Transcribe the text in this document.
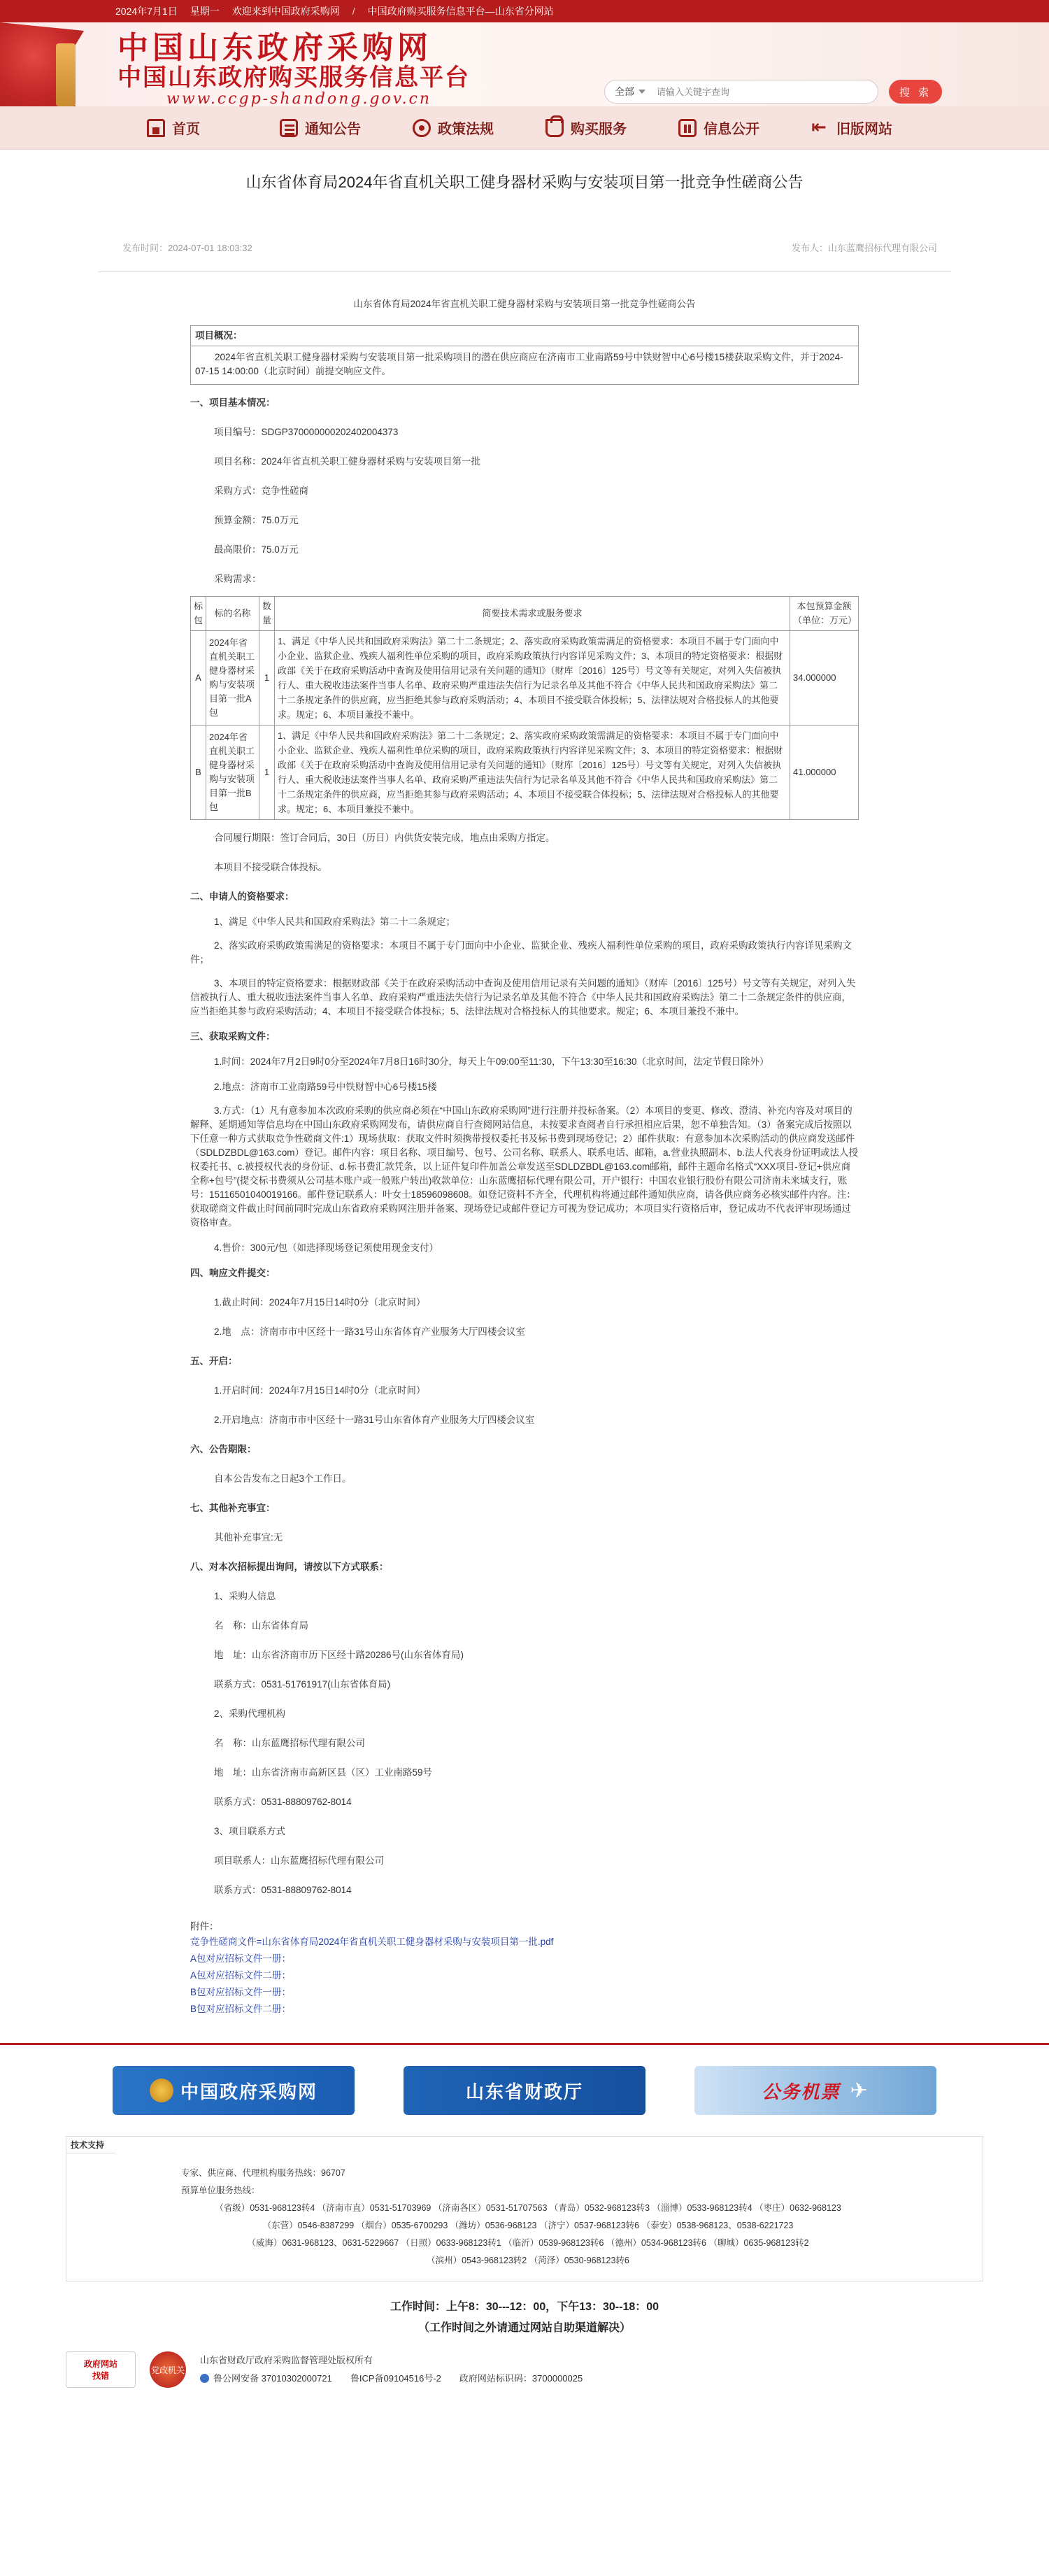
2024年7月1日 星期一 欢迎来到中国政府采购网 / 中国政府购买服务信息平台—山东省分网站
中国山东政府采购网
中国山东政府购买服务信息平台
www.ccgp-shandong.gov.cn	全部
请输入关键字查询	搜 索
首页	通知公告	政策法规	购买服务	信息公开 ⇤	旧版网站
山东省体育局2024年省直机关职工健身器材采购与安装项目第一批竞争性磋商公告
发布时间：2024-07-01 18:03:32	发布人：山东蓝鹰招标代理有限公司
山东省体育局2024年省直机关职工健身器材采购与安装项目第一批竞争性磋商公告
项目概况：
2024年省直机关职工健身器材采购与安装项目第一批采购项目的潜在供应商应在济南市工业南路59号中铁财智中心6号楼15楼获取采购文件，并于2024-07-15 14:00:00（北京时间）前提交响应文件。
一、项目基本情况：
项目编号：SDGP370000000202402004373
项目名称：2024年省直机关职工健身器材采购与安装项目第一批
采购方式：竞争性磋商
预算金额：75.0万元
最高限价：75.0万元
采购需求：
标包	标的名称	数量	简要技术需求或服务要求	本包预算金额（单位：万元）
A	2024年省直机关职工健身器材采购与安装项目第一批A包	1	1、满足《中华人民共和国政府采购法》第二十二条规定；2、落实政府采购政策需满足的资格要求：本项目不属于专门面向中小企业、监狱企业、残疾人福利性单位采购的项目，政府采购政策执行内容详见采购文件；3、本项目的特定资格要求：根据财政部《关于在政府采购活动中查询及使用信用记录有关问题的通知》（财库〔2016〕125号）号文等有关规定，对列入失信被执行人、重大税收违法案件当事人名单、政府采购严重违法失信行为记录名单及其他不符合《中华人民共和国政府采购法》第二十二条规定条件的供应商，应当拒绝其参与政府采购活动；4、本项目不接受联合体投标；5、法律法规对合格投标人的其他要求。规定；6、本项目兼投不兼中。	34.000000
B	2024年省直机关职工健身器材采购与安装项目第一批B包	1	1、满足《中华人民共和国政府采购法》第二十二条规定；2、落实政府采购政策需满足的资格要求：本项目不属于专门面向中小企业、监狱企业、残疾人福利性单位采购的项目，政府采购政策执行内容详见采购文件；3、本项目的特定资格要求：根据财政部《关于在政府采购活动中查询及使用信用记录有关问题的通知》（财库〔2016〕125号）号文等有关规定，对列入失信被执行人、重大税收违法案件当事人名单、政府采购严重违法失信行为记录名单及其他不符合《中华人民共和国政府采购法》第二十二条规定条件的供应商，应当拒绝其参与政府采购活动；4、本项目不接受联合体投标；5、法律法规对合格投标人的其他要求。规定；6、本项目兼投不兼中。	41.000000
合同履行期限：签订合同后，30日（历日）内供货安装完成，地点由采购方指定。
本项目不接受联合体投标。
二、申请人的资格要求：
1、满足《中华人民共和国政府采购法》第二十二条规定；
2、落实政府采购政策需满足的资格要求：本项目不属于专门面向中小企业、监狱企业、残疾人福利性单位采购的项目，政府采购政策执行内容详见采购文件；
3、本项目的特定资格要求：根据财政部《关于在政府采购活动中查询及使用信用记录有关问题的通知》（财库〔2016〕125号）号文等有关规定，对列入失信被执行人、重大税收违法案件当事人名单、政府采购严重违法失信行为记录名单及其他不符合《中华人民共和国政府采购法》第二十二条规定条件的供应商，应当拒绝其参与政府采购活动；4、本项目不接受联合体投标；5、法律法规对合格投标人的其他要求。规定；6、本项目兼投不兼中。
三、获取采购文件：
1.时间：2024年7月2日9时0分至2024年7月8日16时30分，每天上午09:00至11:30，下午13:30至16:30（北京时间，法定节假日除外）
2.地点：济南市工业南路59号中铁财智中心6号楼15楼
3.方式：（1）凡有意参加本次政府采购的供应商必须在“中国山东政府采购网”进行注册并投标备案。（2）本项目的变更、修改、澄清、补充内容及对项目的解释、延期通知等信息均在中国山东政府采购网发布，请供应商自行查阅网站信息，未按要求查阅者自行承担相应后果，恕不单独告知。（3）备案完成后按照以下任意一种方式获取竞争性磋商文件:1）现场获取：获取文件时须携带授权委托书及标书费到现场登记；2）邮件获取：有意参加本次采购活动的供应商发送邮件（SDLDZBDL@163.com）登记。邮件内容：项目名称、项目编号、包号、公司名称、联系人、联系电话、邮箱，a.营业执照副本、b.法人代表身份证明或法人授权委托书、c.被授权代表的身份证、d.标书费汇款凭条，以上证件复印件加盖公章发送至SDLDZBDL@163.com邮箱，邮件主题命名格式“XXX项目-登记+供应商全称+包号”(提交标书费须从公司基本账户或一般账户转出)收款单位：山东蓝鹰招标代理有限公司，开户银行：中国农业银行股份有限公司济南未来城支行，账号：15116501040019166。邮件登记联系人：叶女士18596098608。如登记资料不齐全，代理机构将通过邮件通知供应商，请各供应商务必核实邮件内容。注：获取磋商文件截止时间前同时完成山东省政府采购网注册并备案、现场登记或邮件登记方可视为登记成功；本项目实行资格后审，登记成功不代表评审现场通过资格审查。
4.售价：300元/包（如选择现场登记须使用现金支付）
四、响应文件提交：
1.截止时间：2024年7月15日14时0分（北京时间）
2.地　点：济南市市中区经十一路31号山东省体育产业服务大厅四楼会议室
五、开启：
1.开启时间：2024年7月15日14时0分（北京时间）
2.开启地点：济南市市中区经十一路31号山东省体育产业服务大厅四楼会议室
六、公告期限：
自本公告发布之日起3个工作日。
七、其他补充事宜：
其他补充事宜:无
八、对本次招标提出询问，请按以下方式联系：
1、采购人信息
名　称：山东省体育局
地　址：山东省济南市历下区经十路20286号(山东省体育局)
联系方式：0531-51761917(山东省体育局)
2、采购代理机构
名　称：山东蓝鹰招标代理有限公司
地　址：山东省济南市高新区县（区）工业南路59号
联系方式：0531-88809762-8014
3、项目联系方式
项目联系人：山东蓝鹰招标代理有限公司
联系方式：0531-88809762-8014
附件：
竞争性磋商文件=山东省体育局2024年省直机关职工健身器材采购与安装项目第一批.pdf
A包对应招标文件一册：
A包对应招标文件二册：
B包对应招标文件一册：
B包对应招标文件二册：
中国政府采购网	山东省财政厅	公务机票 ✈
技术支持
专家、供应商、代理机构服务热线：96707
预算单位服务热线：
（省级）0531-968123转4 （济南市直）0531-51703969 （济南各区）0531-51707563 （青岛）0532-968123转3 （淄博）0533-968123转4 （枣庄）0632-968123
（东营）0546-8387299 （烟台）0535-6700293 （潍坊）0536-968123 （济宁）0537-968123转6 （泰安）0538-968123、0538-6221723
（威海）0631-968123、0631-5229667 （日照）0633-968123转1 （临沂）0539-968123转6 （德州）0534-968123转6 （聊城）0635-968123转2
（滨州）0543-968123转2 （菏泽）0530-968123转6
工作时间：上午8：30---12：00，下午13：30--18：00
（工作时间之外请通过网站自助渠道解决）
政府网站
找错
党政机关
山东省财政厅政府采购监督管理处版权所有
鲁公网安备 37010302000721 鲁ICP备09104516号-2 政府网站标识码：3700000025
